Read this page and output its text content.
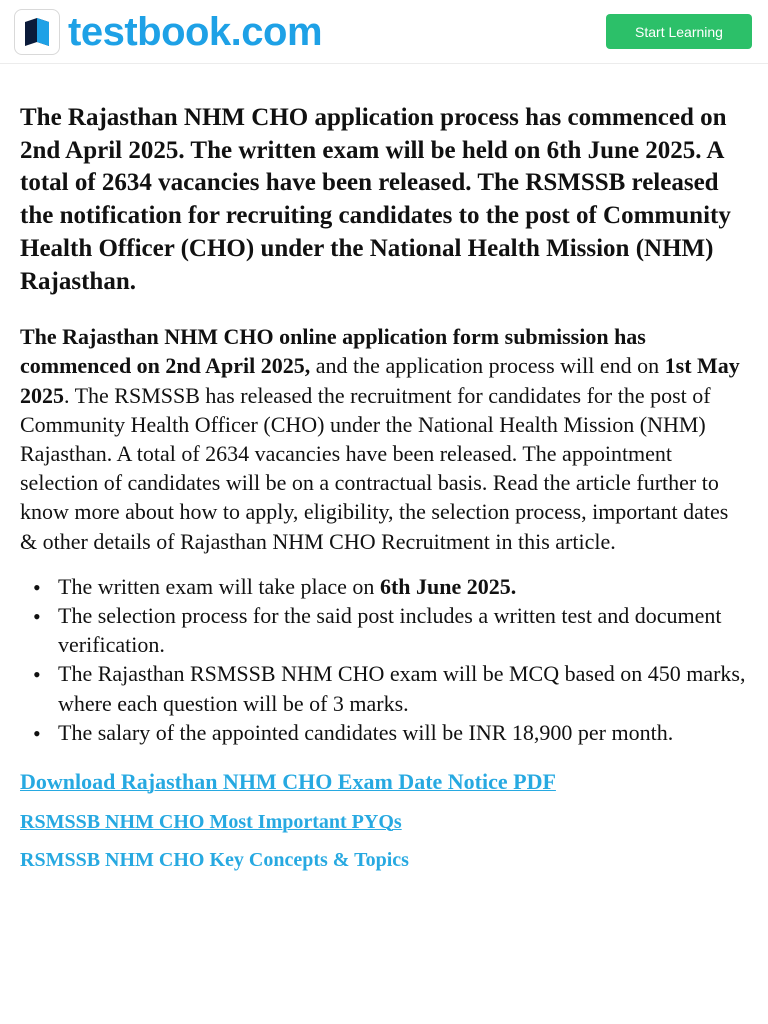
testbook.com	Start Learning
The Rajasthan NHM CHO application process has commenced on 2nd April 2025. The written exam will be held on 6th June 2025. A total of 2634 vacancies have been released. The RSMSSB released the notification for recruiting candidates to the post of Community Health Officer (CHO) under the National Health Mission (NHM) Rajasthan.

The Rajasthan NHM CHO online application form submission has commenced on 2nd April 2025, and the application process will end on 1st May 2025. The RSMSSB has released the recruitment for candidates for the post of Community Health Officer (CHO) under the National Health Mission (NHM) Rajasthan. A total of 2634 vacancies have been released. The appointment selection of candidates will be on a contractual basis. Read the article further to know more about how to apply, eligibility, the selection process, important dates & other details of Rajasthan NHM CHO Recruitment in this article.

• The written exam will take place on 6th June 2025.
• The selection process for the said post includes a written test and document verification.
• The Rajasthan RSMSSB NHM CHO exam will be MCQ based on 450 marks, where each question will be of 3 marks.
• The salary of the appointed candidates will be INR 18,900 per month.
Download Rajasthan NHM CHO Exam Date Notice PDF
RSMSSB NHM CHO Most Important PYQs
RSMSSB NHM CHO Key Concepts & Topics
